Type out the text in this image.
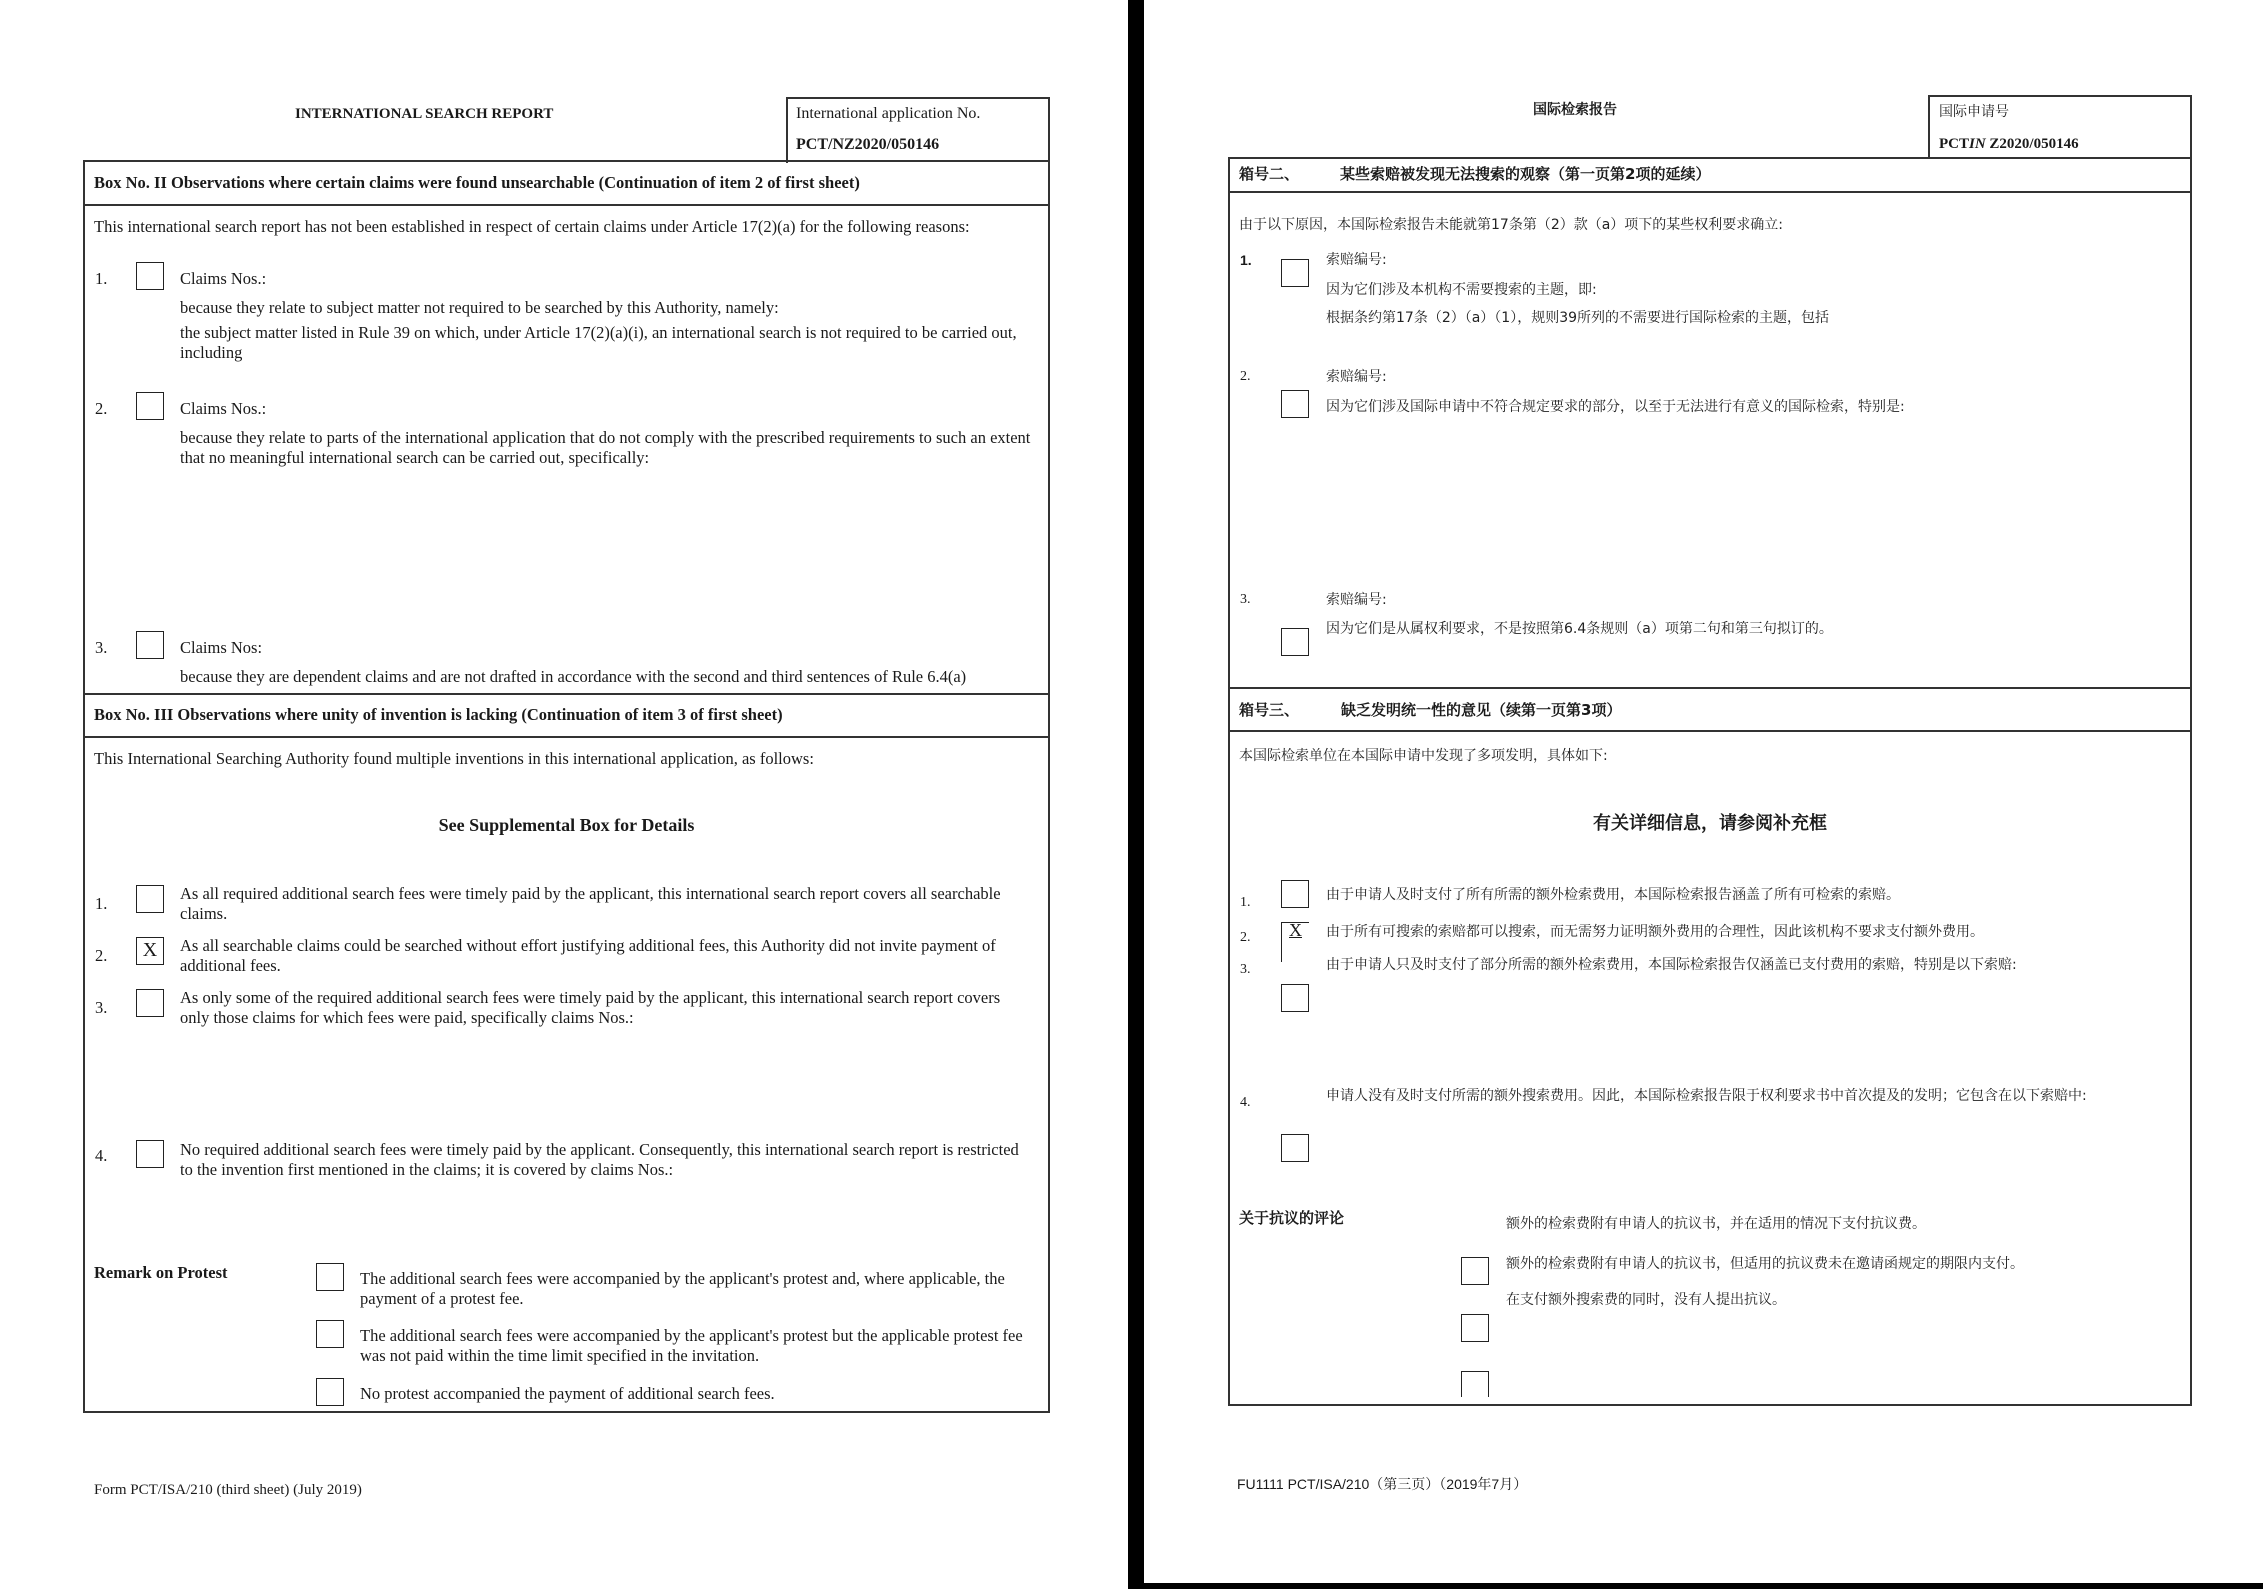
INTERNATIONAL SEARCH REPORT	International application No.
PCT/NZ2020/050146
Box No. II Observations where certain claims were found unsearchable (Continuation of item 2 of first sheet)
This international search report has not been established in respect of certain claims under Article 17(2)(a) for the following reasons:
1.	Claims Nos.:
because they relate to subject matter not required to be searched by this Authority, namely:
the subject matter listed in Rule 39 on which, under Article 17(2)(a)(i), an international search is not required to be carried out, including
2.	Claims Nos.:
because they relate to parts of the international application that do not comply with the prescribed requirements to such an extent that no meaningful international search can be carried out, specifically:
3.	Claims Nos:
because they are dependent claims and are not drafted in accordance with the second and third sentences of Rule 6.4(a)
Box No. III Observations where unity of invention is lacking (Continuation of item 3 of first sheet)
This International Searching Authority found multiple inventions in this international application, as follows:
See Supplemental Box for Details
1.
As all required additional search fees were timely paid by the applicant, this international search report covers all searchable claims.
2.	X	As all searchable claims could be searched without effort justifying additional fees, this Authority did not invite payment of additional fees.
3.
As only some of the required additional search fees were timely paid by the applicant, this international search report covers only those claims for which fees were paid, specifically claims Nos.:
4.	No required additional search fees were timely paid by the applicant. Consequently, this international search report is restricted to the invention first mentioned in the claims; it is covered by claims Nos.:
Remark on Protest	The additional search fees were accompanied by the applicant's protest and, where applicable, the payment of a protest fee.
The additional search fees were accompanied by the applicant's protest but the applicable protest fee was not paid within the time limit specified in the invitation.
No protest accompanied the payment of additional search fees.
Form PCT/ISA/210 (third sheet) (July 2019)
国际检索报告	国际申请号
PCTIN Z2020/050146
箱号二、	某些索赔被发现无法搜索的观察（第一页第2项的延续）
由于以下原因，本国际检索报告未能就第17条第（2）款（a）项下的某些权利要求确立:
1.	索赔编号:
因为它们涉及本机构不需要搜索的主题，即:
根据条约第17条（2）（a）（1），规则39所列的不需要进行国际检索的主题，包括
2.	索赔编号:
因为它们涉及国际申请中不符合规定要求的部分，以至于无法进行有意义的国际检索，特别是:
3.	索赔编号:
因为它们是从属权利要求，不是按照第6.4条规则（a）项第二句和第三句拟订的。
箱号三、	缺乏发明统一性的意见（续第一页第3项）
本国际检索单位在本国际申请中发现了多项发明，具体如下:
有关详细信息，请参阅补充框
1.	由于申请人及时支付了所有所需的额外检索费用，本国际检索报告涵盖了所有可检索的索赔。
2.	X	由于所有可搜索的索赔都可以搜索，而无需努力证明额外费用的合理性，因此该机构不要求支付额外费用。
3.	由于申请人只及时支付了部分所需的额外检索费用，本国际检索报告仅涵盖已支付费用的索赔，特别是以下索赔:
4.	申请人没有及时支付所需的额外搜索费用。因此，本国际检索报告限于权利要求书中首次提及的发明；它包含在以下索赔中:
关于抗议的评论	额外的检索费附有申请人的抗议书，并在适用的情况下支付抗议费。
额外的检索费附有申请人的抗议书，但适用的抗议费未在邀请函规定的期限内支付。
在支付额外搜索费的同时，没有人提出抗议。
FU1111 PCT/ISA/210（第三页）（2019年7月）
